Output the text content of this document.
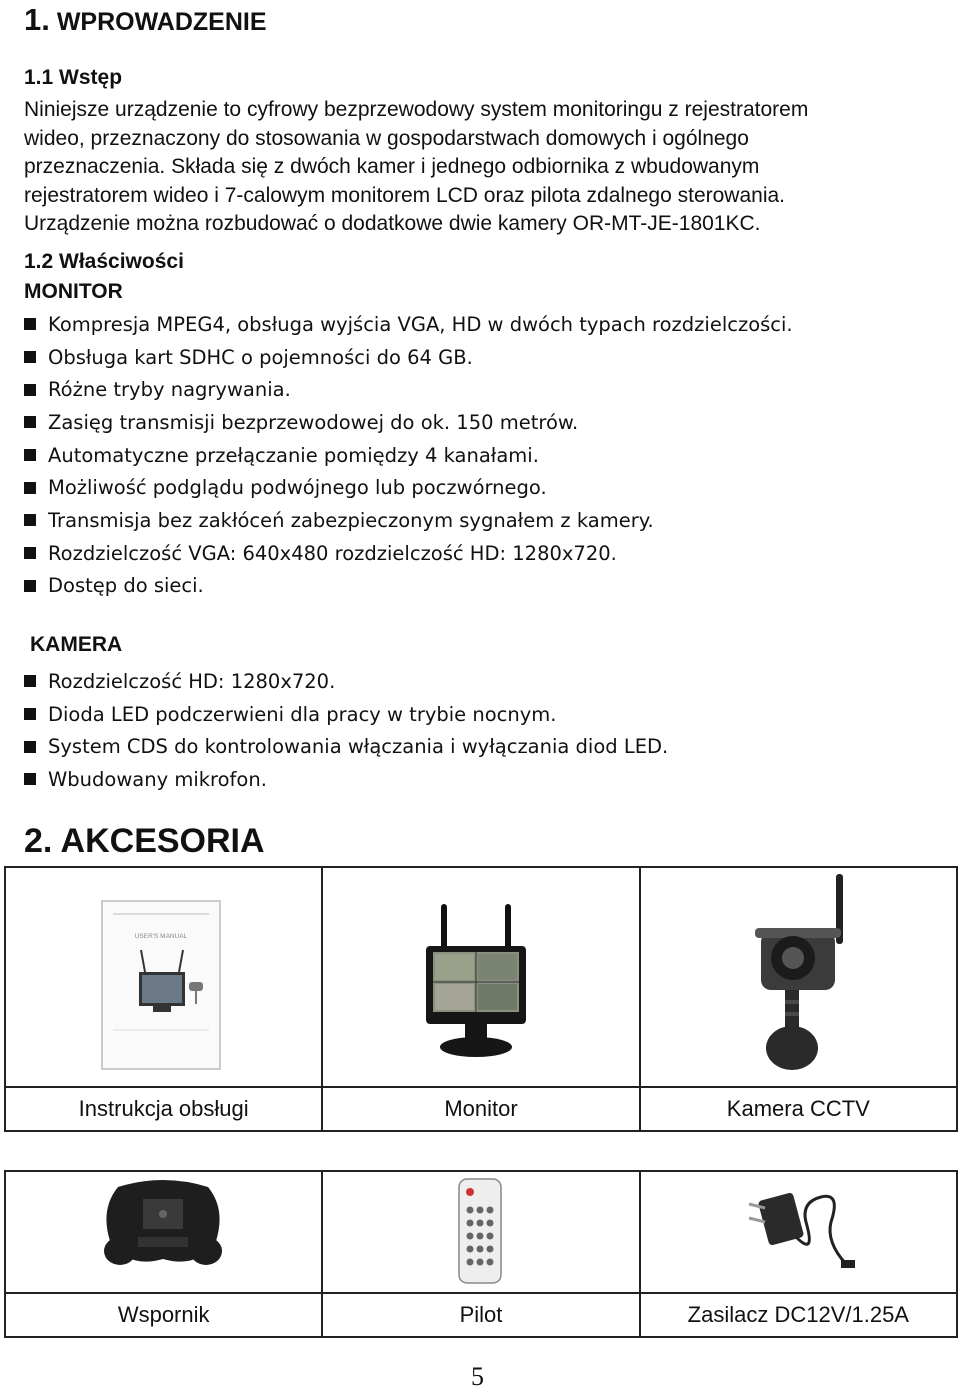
1. WPROWADZENIE
1.1 Wstęp
Niniejsze urządzenie to cyfrowy bezprzewodowy system monitoringu z rejestratorem
wideo, przeznaczony do stosowania w gospodarstwach domowych i ogólnego
przeznaczenia. Składa się z dwóch kamer i jednego odbiornika z wbudowanym
rejestratorem wideo i 7-calowym monitorem LCD oraz pilota zdalnego sterowania.
Urządzenie można rozbudować o dodatkowe dwie kamery OR-MT-JE-1801KC.
1.2 Właściwości
MONITOR
Kompresja MPEG4, obsługa wyjścia VGA, HD w dwóch typach rozdzielczości.
Obsługa kart SDHC o pojemności do 64 GB.
Różne tryby nagrywania.
Zasięg transmisji bezprzewodowej do ok. 150 metrów.
Automatyczne przełączanie pomiędzy 4 kanałami.
Możliwość podglądu podwójnego lub poczwórnego.
Transmisja bez zakłóceń zabezpieczonym sygnałem z kamery.
Rozdzielczość VGA: 640x480 rozdzielczość HD: 1280x720.
Dostęp do sieci.
KAMERA
Rozdzielczość HD: 1280x720.
Dioda LED podczerwieni dla pracy w trybie nocnym.
System CDS do kontrolowania włączania i wyłączania diod LED.
Wbudowany mikrofon.
2. AKCESORIA
USER'S MANUAL
Instrukcja obsługi	Monitor	Kamera CCTV
Wspornik	Pilot	Zasilacz DC12V/1.25A
5
